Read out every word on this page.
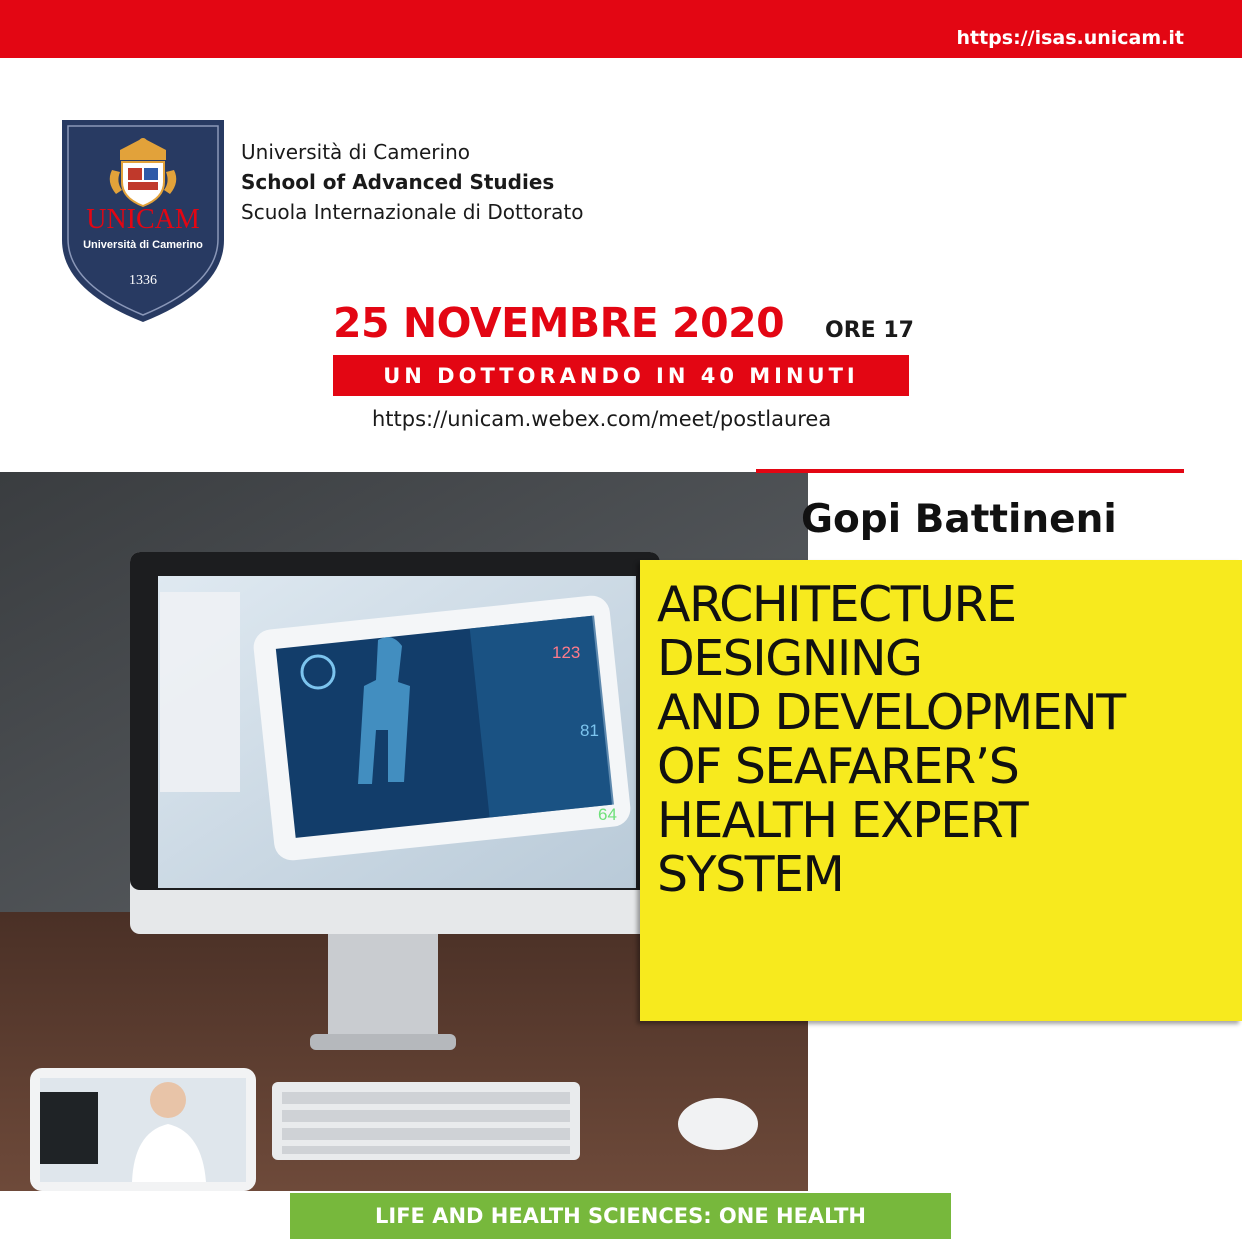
https://isas.unicam.it
UNICAM
Università di Camerino
1336
Università di Camerino
School of Advanced Studies
Scuola Internazionale di Dottorato
25 NOVEMBRE 2020 ORE 17
UN DOTTORANDO IN 40 MINUTI
https://unicam.webex.com/meet/postlaurea
123
81
64
Gopi Battineni
ARCHITECTURE
DESIGNING
AND DEVELOPMENT
OF SEAFARER’S
HEALTH EXPERT
SYSTEM
LIFE AND HEALTH SCIENCES: ONE HEALTH
